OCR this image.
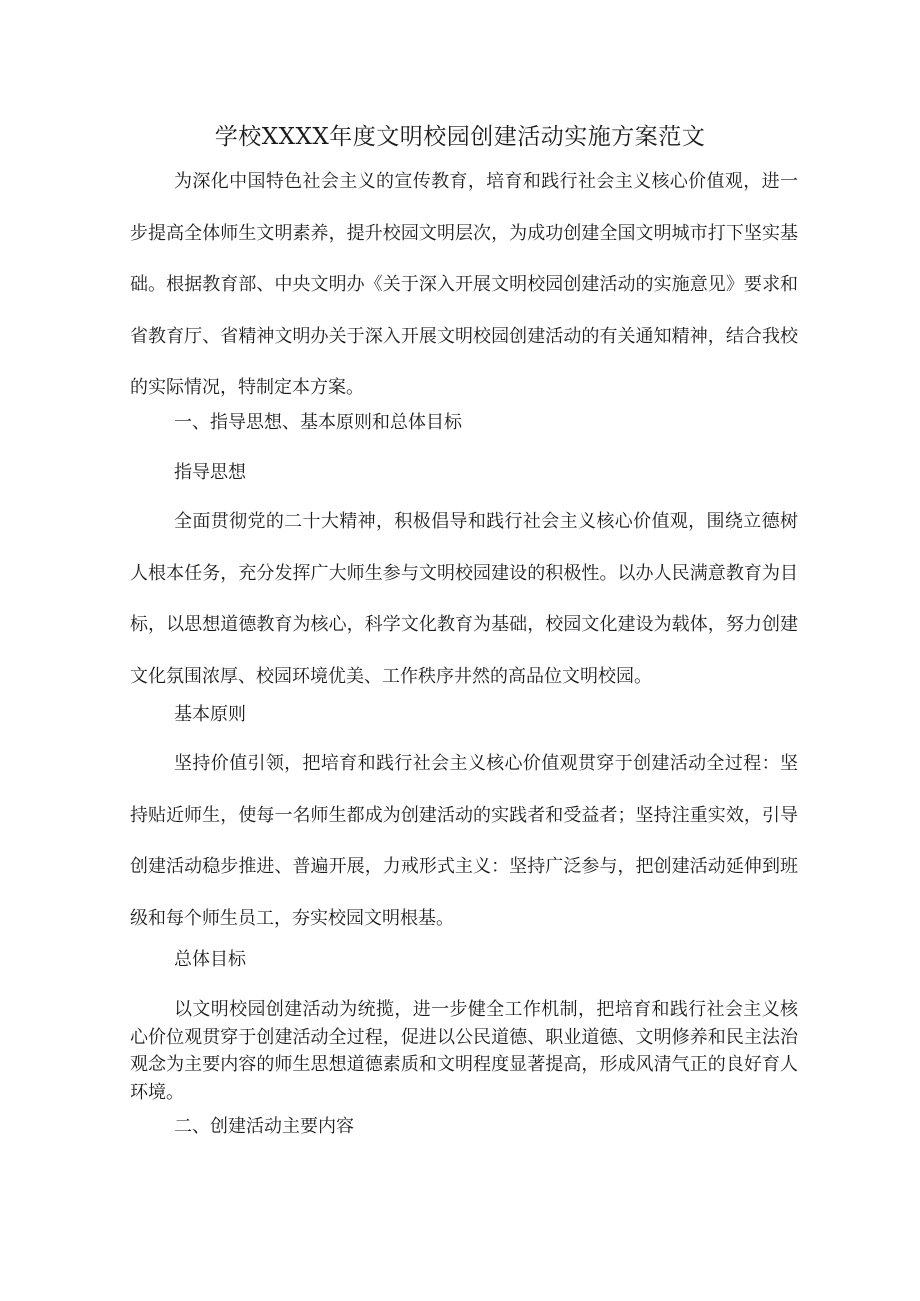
学校XXXX年度文明校园创建活动实施方案范文

为深化中国特色社会主义的宣传教育，培育和践行社会主义核心价值观，进一步提高全体师生文明素养，提升校园文明层次，为成功创建全国文明城市打下坚实基础。根据教育部、中央文明办《关于深入开展文明校园创建活动的实施意见》要求和省教育厅、省精神文明办关于深入开展文明校园创建活动的有关通知精神，结合我校的实际情况，特制定本方案。

一、指导思想、基本原则和总体目标
指导思想

全面贯彻党的二十大精神，积极倡导和践行社会主义核心价值观，围绕立德树人根本任务，充分发挥广大师生参与文明校园建设的积极性。以办人民满意教育为目标，以思想道德教育为核心，科学文化教育为基础，校园文化建设为载体，努力创建文化氛围浓厚、校园环境优美、工作秩序井然的高品位文明校园。

基本原则

坚持价值引领，把培育和践行社会主义核心价值观贯穿于创建活动全过程：坚持贴近师生，使每一名师生都成为创建活动的实践者和受益者；坚持注重实效，引导创建活动稳步推进、普遍开展，力戒形式主义：坚持广泛参与，把创建活动延伸到班级和每个师生员工，夯实校园文明根基。

总体目标

以文明校园创建活动为统揽，进一步健全工作机制，把培育和践行社会主义核心价位观贯穿于创建活动全过程，促进以公民道德、职业道德、文明修养和民主法治观念为主要内容的师生思想道德素质和文明程度显著提高，形成风清气正的良好育人环境。

二、创建活动主要内容
